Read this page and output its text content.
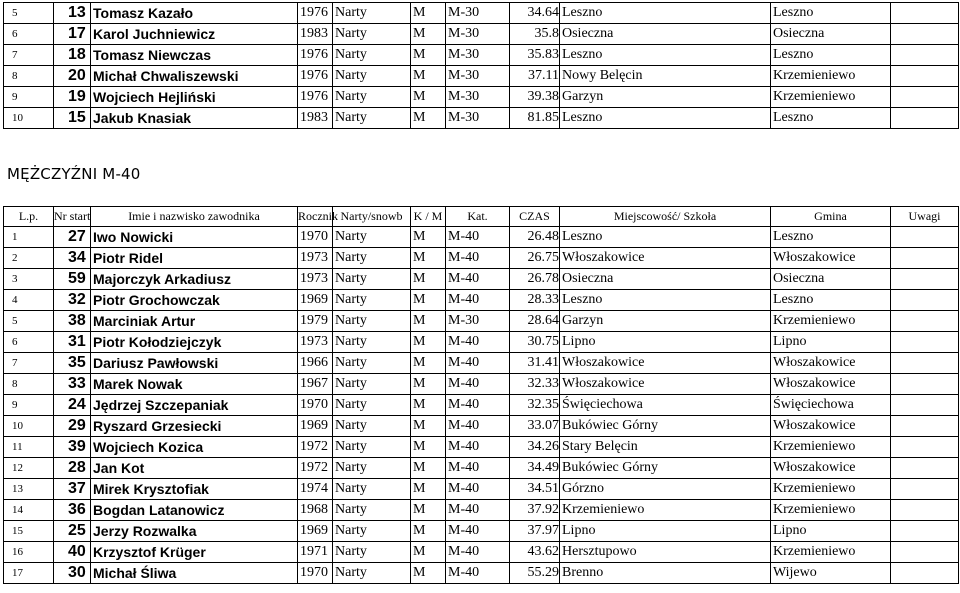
5	13	Tomasz Kazało	1976	Narty	M	M-30	34.64	Leszno	Leszno	
6	17	Karol Juchniewicz	1983	Narty	M	M-30	35.8	Osieczna	Osieczna	
7	18	Tomasz Niewczas	1976	Narty	M	M-30	35.83	Leszno	Leszno	
8	20	Michał Chwaliszewski	1976	Narty	M	M-30	37.11	Nowy Belęcin	Krzemieniewo	
9	19	Wojciech Hejliński	1976	Narty	M	M-30	39.38	Garzyn	Krzemieniewo	
10	15	Jakub Knasiak	1983	Narty	M	M-30	81.85	Leszno	Leszno	
MĘŻCZYŹNI M-40
L.p.	Nr start	Imie i nazwisko zawodnika	Rocznik	Narty/snowb	K / M	Kat.	CZAS	Miejscowość/ Szkoła	Gmina	Uwagi
1	27	Iwo Nowicki	1970	Narty	M	M-40	26.48	Leszno	Leszno	
2	34	Piotr Ridel	1973	Narty	M	M-40	26.75	Włoszakowice	Włoszakowice	
3	59	Majorczyk Arkadiusz	1973	Narty	M	M-40	26.78	Osieczna	Osieczna	
4	32	Piotr Grochowczak	1969	Narty	M	M-40	28.33	Leszno	Leszno	
5	38	Marciniak Artur	1979	Narty	M	M-30	28.64	Garzyn	Krzemieniewo	
6	31	Piotr Kołodziejczyk	1973	Narty	M	M-40	30.75	Lipno	Lipno	
7	35	Dariusz Pawłowski	1966	Narty	M	M-40	31.41	Włoszakowice	Włoszakowice	
8	33	Marek Nowak	1967	Narty	M	M-40	32.33	Włoszakowice	Włoszakowice	
9	24	Jędrzej Szczepaniak	1970	Narty	M	M-40	32.35	Święciechowa	Święciechowa	
10	29	Ryszard Grzesiecki	1969	Narty	M	M-40	33.07	Bukówiec Górny	Włoszakowice	
11	39	Wojciech Kozica	1972	Narty	M	M-40	34.26	Stary Belęcin	Krzemieniewo	
12	28	Jan Kot	1972	Narty	M	M-40	34.49	Bukówiec Górny	Włoszakowice	
13	37	Mirek Krysztofiak	1974	Narty	M	M-40	34.51	Górzno	Krzemieniewo	
14	36	Bogdan Latanowicz	1968	Narty	M	M-40	37.92	Krzemieniewo	Krzemieniewo	
15	25	Jerzy Rozwalka	1969	Narty	M	M-40	37.97	Lipno	Lipno	
16	40	Krzysztof Krüger	1971	Narty	M	M-40	43.62	Hersztupowo	Krzemieniewo	
17	30	Michał Śliwa	1970	Narty	M	M-40	55.29	Brenno	Wijewo	
